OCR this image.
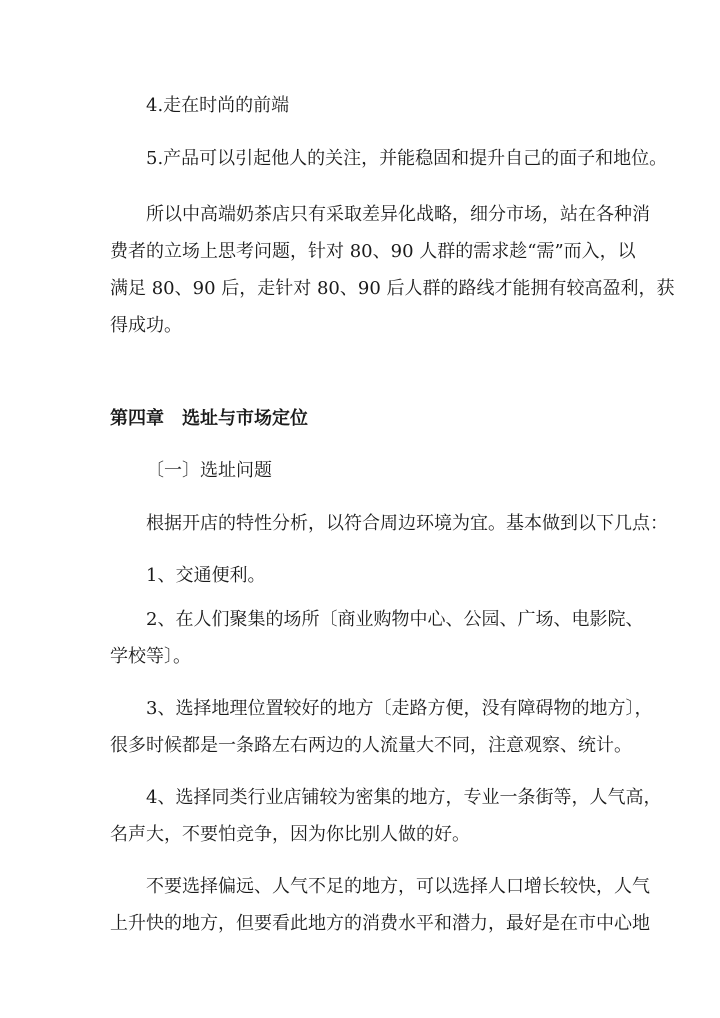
4.走在时尚的前端
5.产品可以引起他人的关注，并能稳固和提升自己的面子和地位。
所以中高端奶茶店只有采取差异化战略，细分市场，站在各种消
费者的立场上思考问题，针对 80、90 人群的需求趁“需”而入，以
满足 80、90 后，走针对 80、90 后人群的路线才能拥有较高盈利，获
得成功。
第四章　选址与市场定位
〔一〕选址问题
根据开店的特性分析，以符合周边环境为宜。基本做到以下几点：
1、交通便利。
2、在人们聚集的场所〔商业购物中心、公园、广场、电影院、
学校等〕。
3、选择地理位置较好的地方〔走路方便，没有障碍物的地方〕，
很多时候都是一条路左右两边的人流量大不同，注意观察、统计。
4、选择同类行业店铺较为密集的地方，专业一条街等，人气高，
名声大，不要怕竞争，因为你比别人做的好。
不要选择偏远、人气不足的地方，可以选择人口增长较快，人气
上升快的地方，但要看此地方的消费水平和潜力，最好是在市中心地
